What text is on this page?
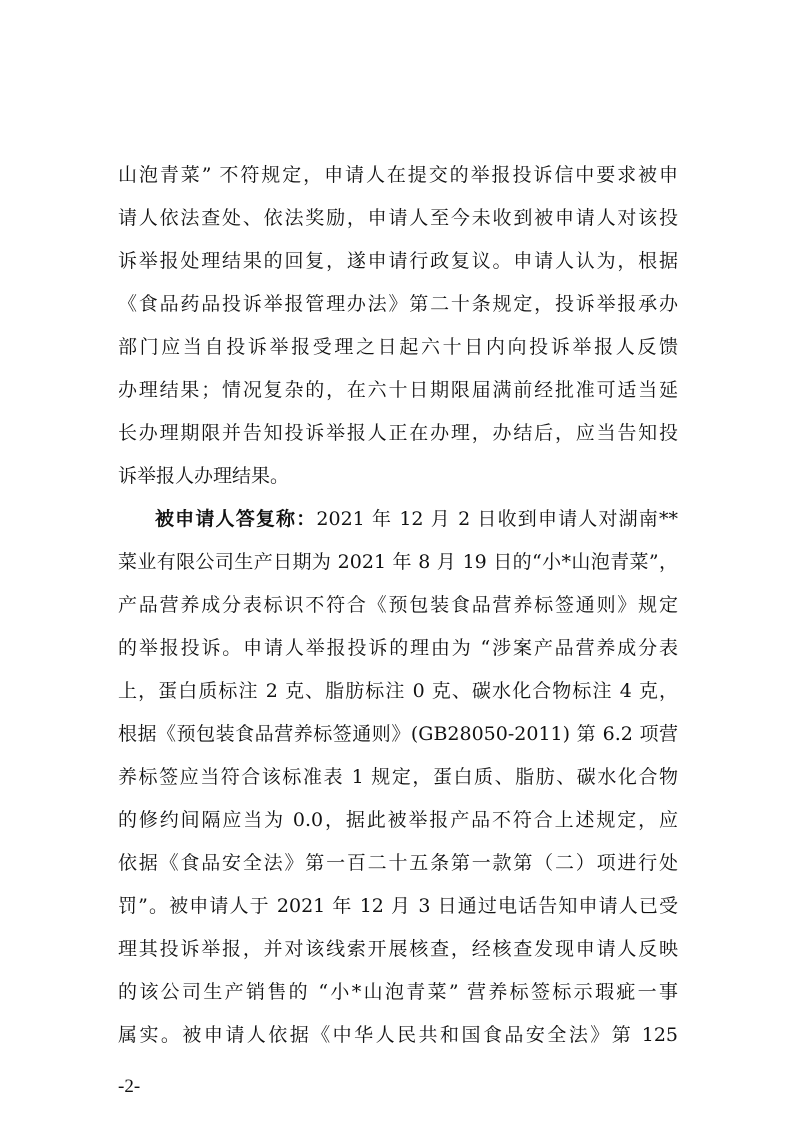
山泡青菜” 不符规定，申请人在提交的举报投诉信中要求被申
请人依法查处、依法奖励，申请人至今未收到被申请人对该投
诉举报处理结果的回复，遂申请行政复议。申请人认为，根据
《食品药品投诉举报管理办法》第二十条规定，投诉举报承办
部门应当自投诉举报受理之日起六十日内向投诉举报人反馈
办理结果；情况复杂的，在六十日期限届满前经批准可适当延
长办理期限并告知投诉举报人正在办理，办结后，应当告知投
诉举报人办理结果。
被申请人答复称：2021 年 12 月 2 日收到申请人对湖南**
菜业有限公司生产日期为 2021 年 8 月 19 日的“小*山泡青菜”，
产品营养成分表标识不符合《预包装食品营养标签通则》规定
的举报投诉。申请人举报投诉的理由为 “涉案产品营养成分表
上，蛋白质标注 2 克、脂肪标注 0 克、碳水化合物标注 4 克，
根据《预包装食品营养标签通则》(GB28050-2011) 第 6.2 项营
养标签应当符合该标准表 1 规定，蛋白质、脂肪、碳水化合物
的修约间隔应当为 0.0，据此被举报产品不符合上述规定，应
依据《食品安全法》第一百二十五条第一款第（二）项进行处
罚”。被申请人于 2021 年 12 月 3 日通过电话告知申请人已受
理其投诉举报，并对该线索开展核查，经核查发现申请人反映
的该公司生产销售的 “小*山泡青菜” 营养标签标示瑕疵一事
属实。被申请人依据《中华人民共和国食品安全法》第 125
-2-
